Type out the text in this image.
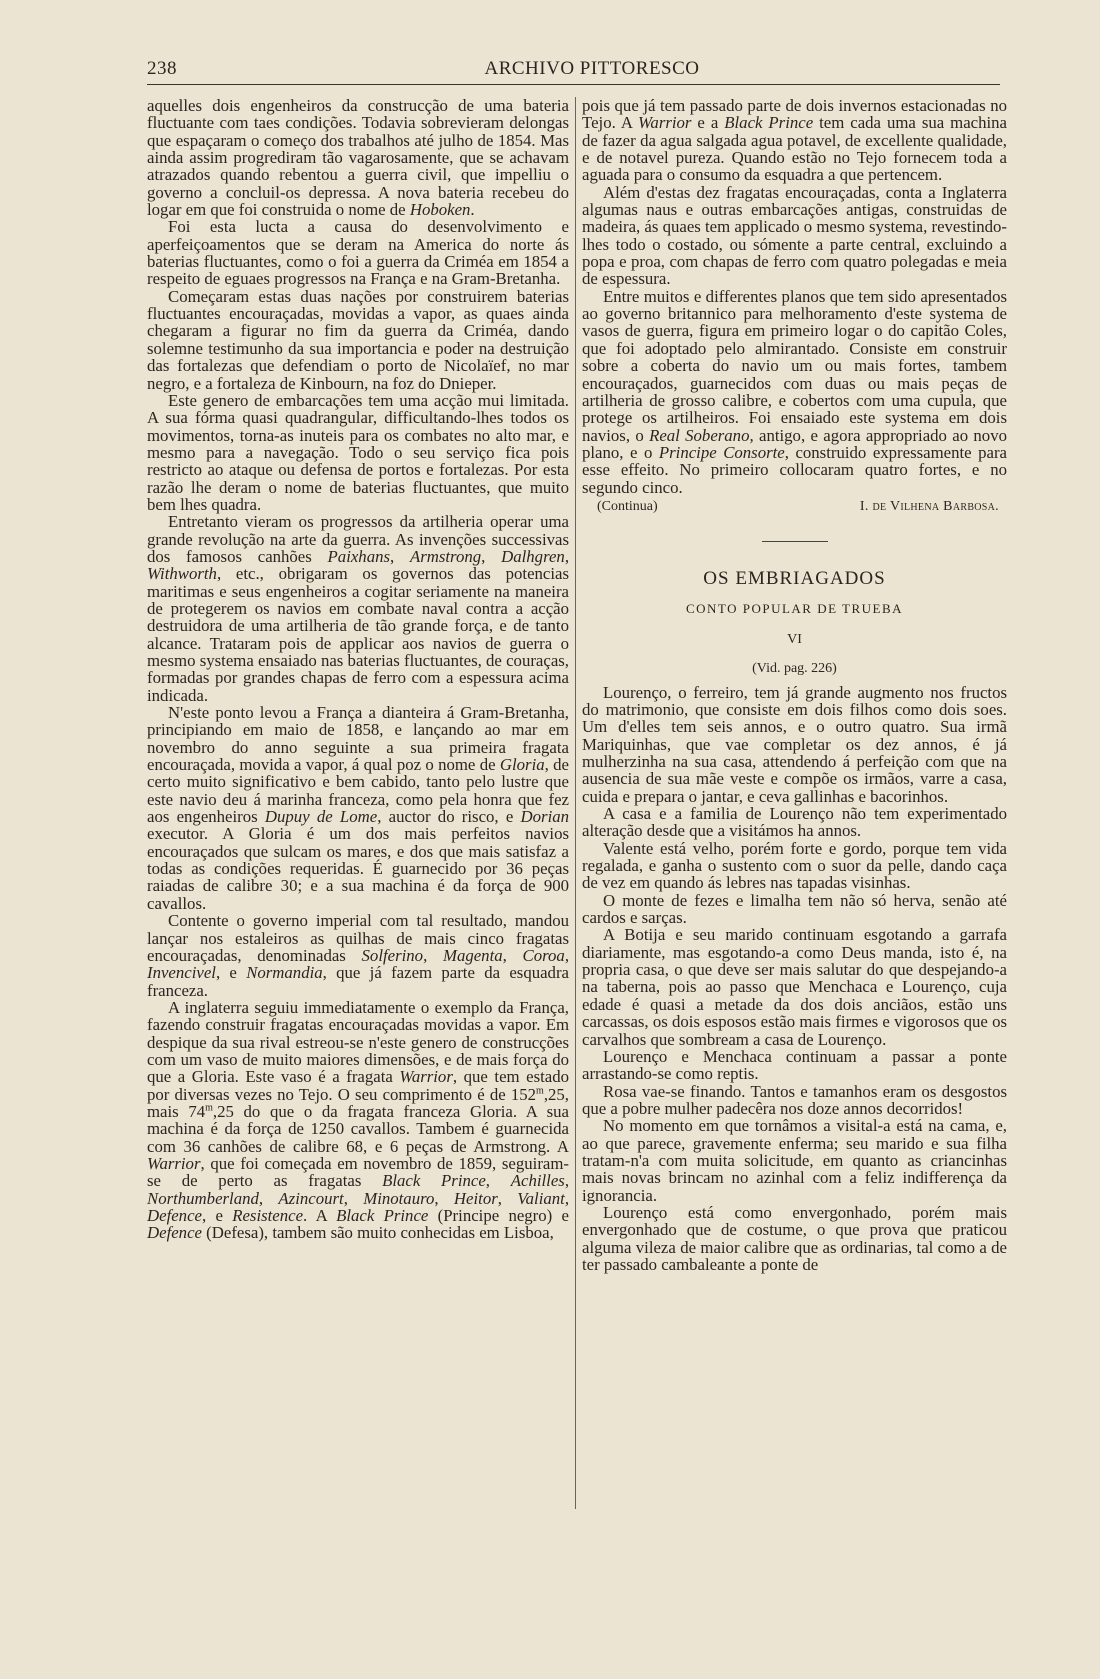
238	ARCHIVO PITTORESCO

aquelles dois engenheiros da construcção de uma bateria fluctuante com taes condições. Todavia sobrevieram delongas que espaçaram o começo dos trabalhos até julho de 1854. Mas ainda assim progrediram tão vagarosamente, que se achavam atrazados quando rebentou a guerra civil, que impelliu o governo a concluil-os depressa. A nova bateria recebeu do logar em que foi construida o nome de Hoboken.

Foi esta lucta a causa do desenvolvimento e aperfeiçoamentos que se deram na America do norte ás baterias fluctuantes, como o foi a guerra da Criméa em 1854 a respeito de eguaes progressos na França e na Gram-Bretanha.

Começaram estas duas nações por construirem baterias fluctuantes encouraçadas, movidas a vapor, as quaes ainda chegaram a figurar no fim da guerra da Criméa, dando solemne testimunho da sua importancia e poder na destruição das fortalezas que defendiam o porto de Nicolaïef, no mar negro, e a fortaleza de Kinbourn, na foz do Dnieper.

Este genero de embarcações tem uma acção mui limitada. A sua fórma quasi quadrangular, difficultando-lhes todos os movimentos, torna-as inuteis para os combates no alto mar, e mesmo para a navegação. Todo o seu serviço fica pois restricto ao ataque ou defensa de portos e fortalezas. Por esta razão lhe deram o nome de baterias fluctuantes, que muito bem lhes quadra.

Entretanto vieram os progressos da artilheria operar uma grande revolução na arte da guerra. As invenções successivas dos famosos canhões Paixhans, Armstrong, Dalhgren, Withworth, etc., obrigaram os governos das potencias maritimas e seus engenheiros a cogitar seriamente na maneira de protegerem os navios em combate naval contra a acção destruidora de uma artilheria de tão grande força, e de tanto alcance. Trataram pois de applicar aos navios de guerra o mesmo systema ensaiado nas baterias fluctuantes, de couraças, formadas por grandes chapas de ferro com a espessura acima indicada.

N'este ponto levou a França a dianteira á Gram-Bretanha, principiando em maio de 1858, e lançando ao mar em novembro do anno seguinte a sua primeira fragata encouraçada, movida a vapor, á qual poz o nome de Gloria, de certo muito significativo e bem cabido, tanto pelo lustre que este navio deu á marinha franceza, como pela honra que fez aos engenheiros Dupuy de Lome, auctor do risco, e Dorian executor. A Gloria é um dos mais perfeitos navios encouraçados que sulcam os mares, e dos que mais satisfaz a todas as condições requeridas. É guarnecido por 36 peças raiadas de calibre 30; e a sua machina é da força de 900 cavallos.

Contente o governo imperial com tal resultado, mandou lançar nos estaleiros as quilhas de mais cinco fragatas encouraçadas, denominadas Solferino, Magenta, Coroa, Invencivel, e Normandia, que já fazem parte da esquadra franceza.

A inglaterra seguiu immediatamente o exemplo da França, fazendo construir fragatas encouraçadas movidas a vapor. Em despique da sua rival estreou-se n'este genero de construcções com um vaso de muito maiores dimensões, e de mais força do que a Gloria. Este vaso é a fragata Warrior, que tem estado por diversas vezes no Tejo. O seu comprimento é de 152$^m$,25, mais 74$^m$,25 do que o da fragata franceza Gloria. A sua machina é da força de 1250 cavallos. Tambem é guarnecida com 36 canhões de calibre 68, e 6 peças de Armstrong. A Warrior, que foi começada em novembro de 1859, seguiram-se de perto as fragatas Black Prince, Achilles, Northumberland, Azincourt, Minotauro, Heitor, Valiant, Defence, e Resistence. A Black Prince (Principe negro) e Defence (Defesa), tambem são muito conhecidas em Lisboa,

pois que já tem passado parte de dois invernos estacionadas no Tejo. A Warrior e a Black Prince tem cada uma sua machina de fazer da agua salgada agua potavel, de excellente qualidade, e de notavel pureza. Quando estão no Tejo fornecem toda a aguada para o consumo da esquadra a que pertencem.

Além d'estas dez fragatas encouraçadas, conta a Inglaterra algumas naus e outras embarcações antigas, construidas de madeira, ás quaes tem applicado o mesmo systema, revestindo-lhes todo o costado, ou sómente a parte central, excluindo a popa e proa, com chapas de ferro com quatro polegadas e meia de espessura.

Entre muitos e differentes planos que tem sido apresentados ao governo britannico para melhoramento d'este systema de vasos de guerra, figura em primeiro logar o do capitão Coles, que foi adoptado pelo almirantado. Consiste em construir sobre a coberta do navio um ou mais fortes, tambem encouraçados, guarnecidos com duas ou mais peças de artilheria de grosso calibre, e cobertos com uma cupula, que protege os artilheiros. Foi ensaiado este systema em dois navios, o Real Soberano, antigo, e agora appropriado ao novo plano, e o Principe Consorte, construido expressamente para esse effeito. No primeiro collocaram quatro fortes, e no segundo cinco.

(Continua)	I. de Vilhena Barbosa.
OS EMBRIAGADOS
CONTO POPULAR DE TRUEBA
VI
(Vid. pag. 226)

Lourenço, o ferreiro, tem já grande augmento nos fructos do matrimonio, que consiste em dois filhos como dois soes. Um d'elles tem seis annos, e o outro quatro. Sua irmã Mariquinhas, que vae completar os dez annos, é já mulherzinha na sua casa, attendendo á perfeição com que na ausencia de sua mãe veste e compõe os irmãos, varre a casa, cuida e prepara o jantar, e ceva gallinhas e bacorinhos.

A casa e a familia de Lourenço não tem experimentado alteração desde que a visitámos ha annos.

Valente está velho, porém forte e gordo, porque tem vida regalada, e ganha o sustento com o suor da pelle, dando caça de vez em quando ás lebres nas tapadas visinhas.

O monte de fezes e limalha tem não só herva, senão até cardos e sarças.

A Botija e seu marido continuam esgotando a garrafa diariamente, mas esgotando-a como Deus manda, isto é, na propria casa, o que deve ser mais salutar do que despejando-a na taberna, pois ao passo que Menchaca e Lourenço, cuja edade é quasi a metade da dos dois anciãos, estão uns carcassas, os dois esposos estão mais firmes e vigorosos que os carvalhos que sombream a casa de Lourenço.

Lourenço e Menchaca continuam a passar a ponte arrastando-se como reptis.

Rosa vae-se finando. Tantos e tamanhos eram os desgostos que a pobre mulher padecêra nos doze annos decorridos!

No momento em que tornâmos a visital-a está na cama, e, ao que parece, gravemente enferma; seu marido e sua filha tratam-n'a com muita solicitude, em quanto as criancinhas mais novas brincam no azinhal com a feliz indifferença da ignorancia.

Lourenço está como envergonhado, porém mais envergonhado que de costume, o que prova que praticou alguma vileza de maior calibre que as ordinarias, tal como a de ter passado cambaleante a ponte de
